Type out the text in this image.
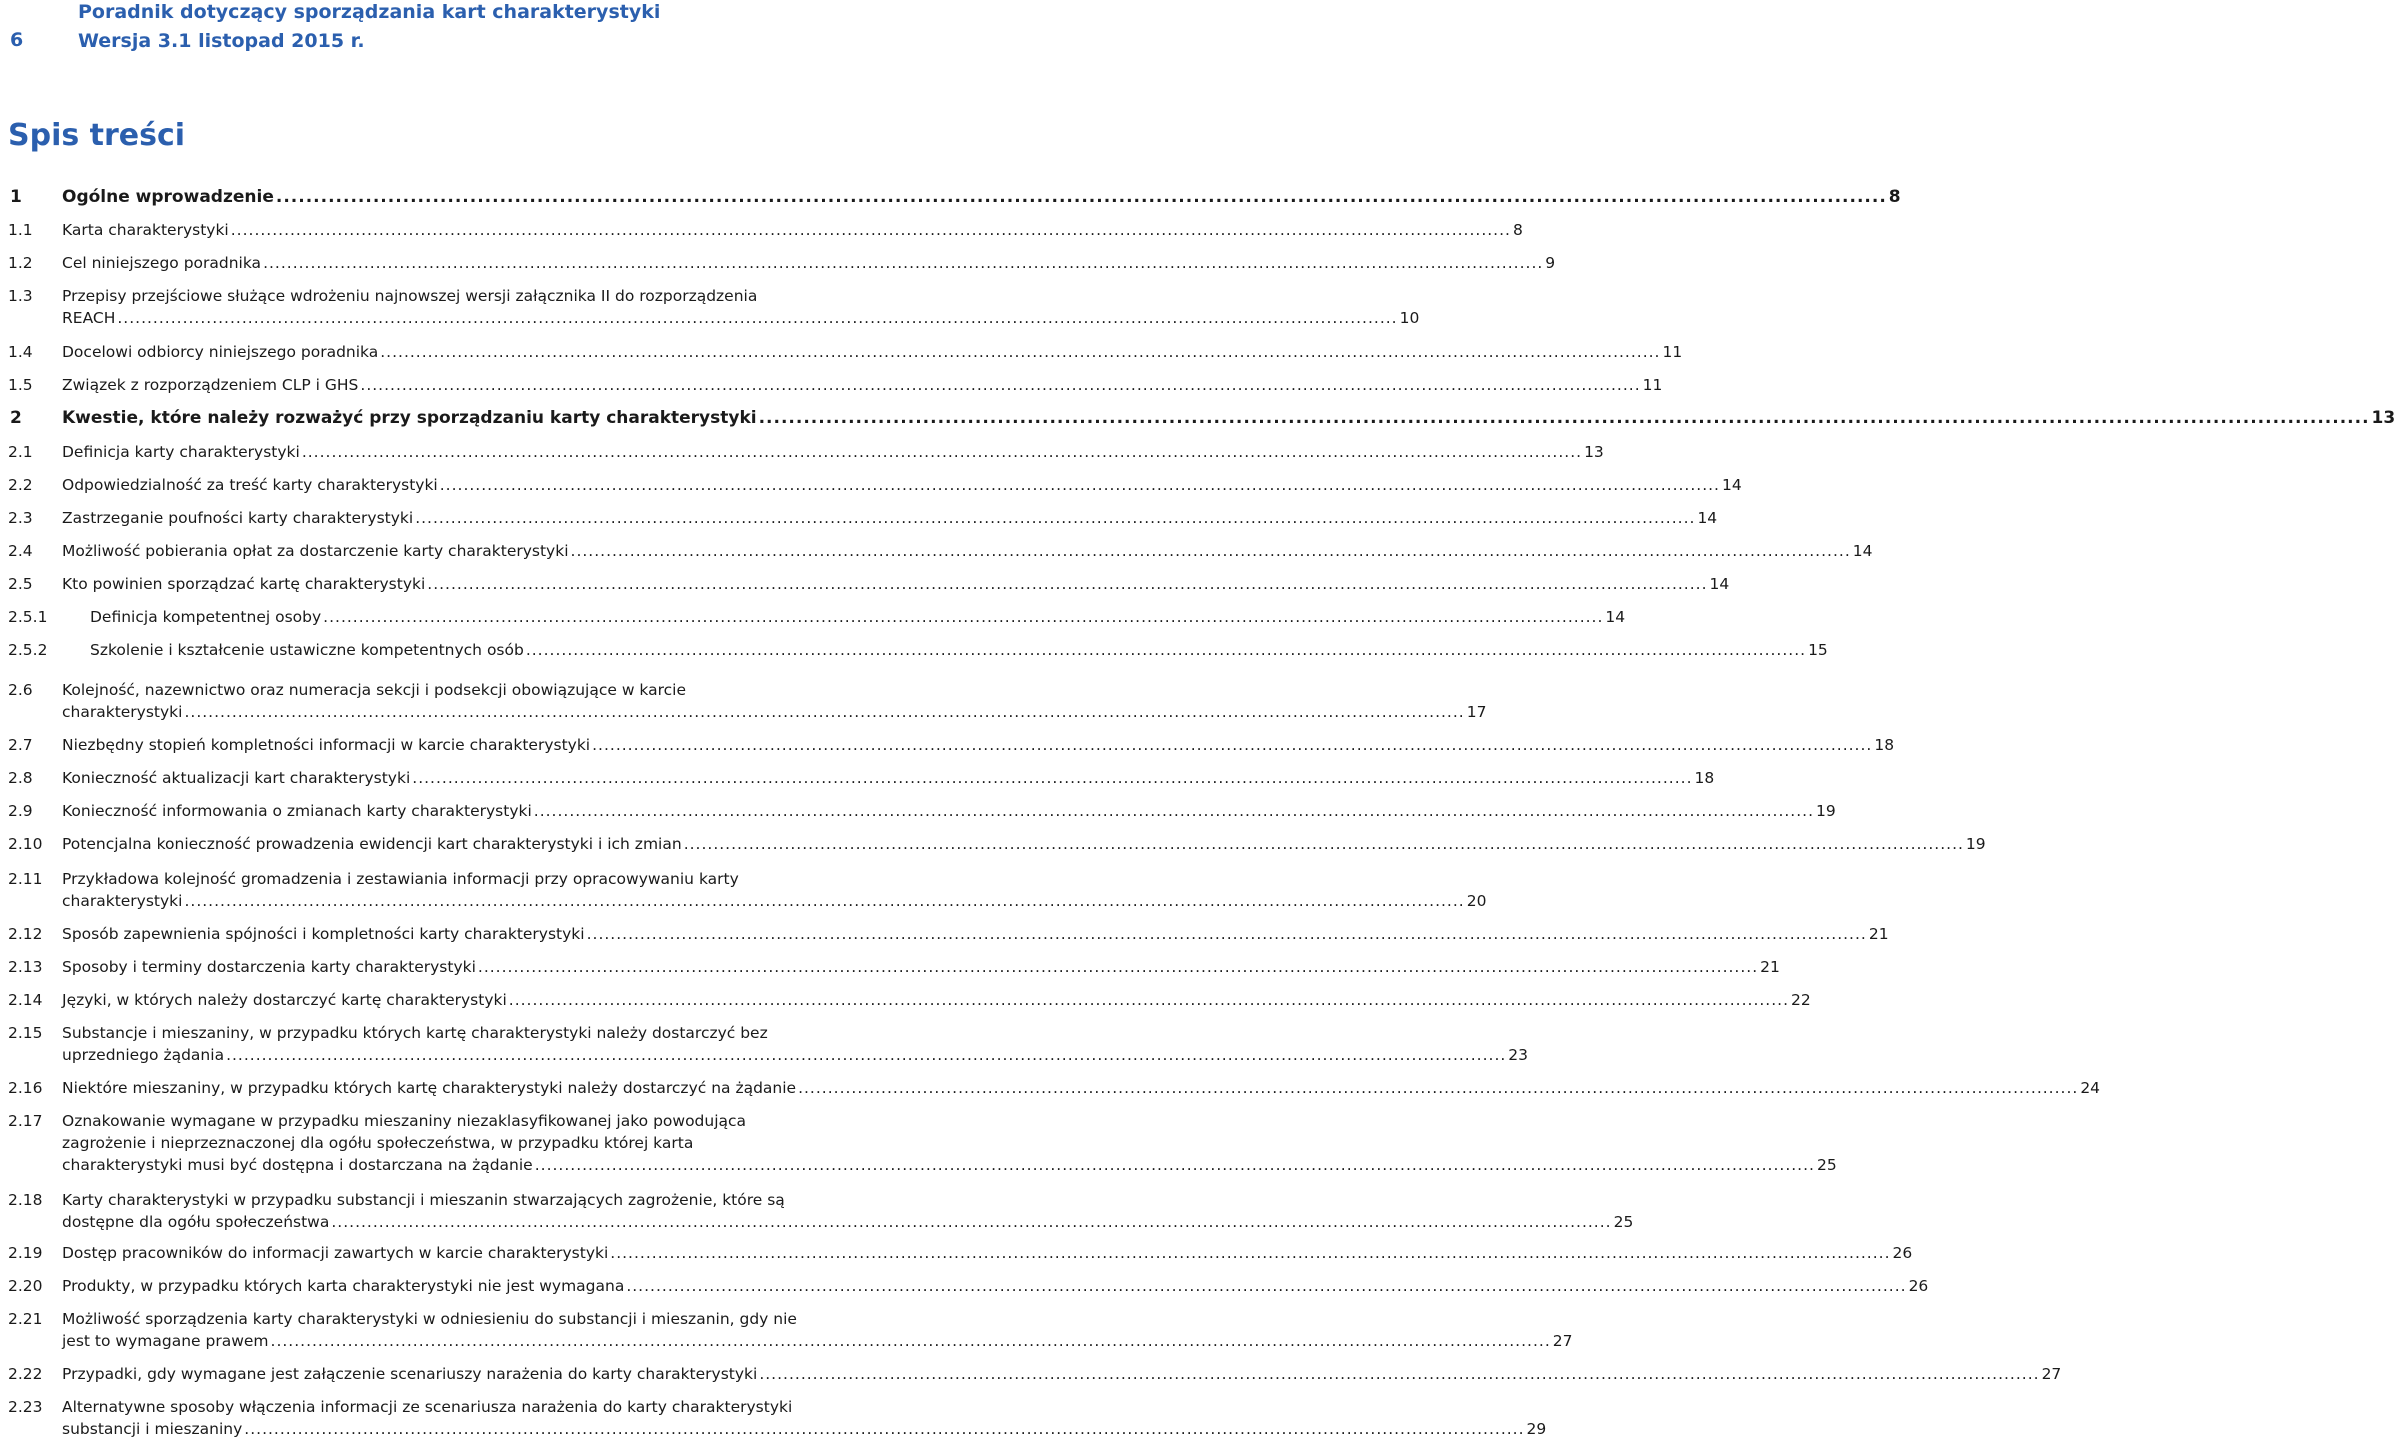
6
Poradnik dotyczący sporządzania kart charakterystyki
Wersja 3.1 listopad 2015 r.
Spis treści
1 Ogólne wprowadzenie .....	8
1.1 Karta charakterystyki .....	8
1.2 Cel niniejszego poradnika .....	9
1.3 Przepisy przejściowe służące wdrożeniu najnowszej wersji załącznika II do rozporządzenia
REACH .....	10
1.4 Docelowi odbiorcy niniejszego poradnika .....	11
1.5 Związek z rozporządzeniem CLP i GHS .....	11
2 Kwestie, które należy rozważyć przy sporządzaniu karty charakterystyki .....	13
2.1 Definicja karty charakterystyki .....	13
2.2 Odpowiedzialność za treść karty charakterystyki .....	14
2.3 Zastrzeganie poufności karty charakterystyki .....	14
2.4 Możliwość pobierania opłat za dostarczenie karty charakterystyki .....	14
2.5 Kto powinien sporządzać kartę charakterystyki .....	14
2.5.1	Definicja kompetentnej osoby .....	14
2.5.2	Szkolenie i kształcenie ustawiczne kompetentnych osób .....	15
2.6 Kolejność, nazewnictwo oraz numeracja sekcji i podsekcji obowiązujące w karcie
charakterystyki .....	17
2.7 Niezbędny stopień kompletności informacji w karcie charakterystyki .....	18
2.8 Konieczność aktualizacji kart charakterystyki .....	18
2.9 Konieczność informowania o zmianach karty charakterystyki .....	19
2.10 Potencjalna konieczność prowadzenia ewidencji kart charakterystyki i ich zmian .....	19
2.11 Przykładowa kolejność gromadzenia i zestawiania informacji przy opracowywaniu karty
charakterystyki .....	20
2.12 Sposób zapewnienia spójności i kompletności karty charakterystyki .....	21
2.13 Sposoby i terminy dostarczenia karty charakterystyki .....	21
2.14 Języki, w których należy dostarczyć kartę charakterystyki .....	22
2.15 Substancje i mieszaniny, w przypadku których kartę charakterystyki należy dostarczyć bez
uprzedniego żądania .....	23
2.16 Niektóre mieszaniny, w przypadku których kartę charakterystyki należy dostarczyć na żądanie .....	24
2.17 Oznakowanie wymagane w przypadku mieszaniny niezaklasyfikowanej jako powodująca
zagrożenie i nieprzeznaczonej dla ogółu społeczeństwa, w przypadku której karta
charakterystyki musi być dostępna i dostarczana na żądanie .....	25
2.18 Karty charakterystyki w przypadku substancji i mieszanin stwarzających zagrożenie, które są
dostępne dla ogółu społeczeństwa .....	25
2.19 Dostęp pracowników do informacji zawartych w karcie charakterystyki .....	26
2.20 Produkty, w przypadku których karta charakterystyki nie jest wymagana .....	26
2.21 Możliwość sporządzenia karty charakterystyki w odniesieniu do substancji i mieszanin, gdy nie
jest to wymagane prawem .....	27
2.22 Przypadki, gdy wymagane jest załączenie scenariuszy narażenia do karty charakterystyki .....	27
2.23 Alternatywne sposoby włączenia informacji ze scenariusza narażenia do karty charakterystyki
substancji i mieszaniny .....	29
